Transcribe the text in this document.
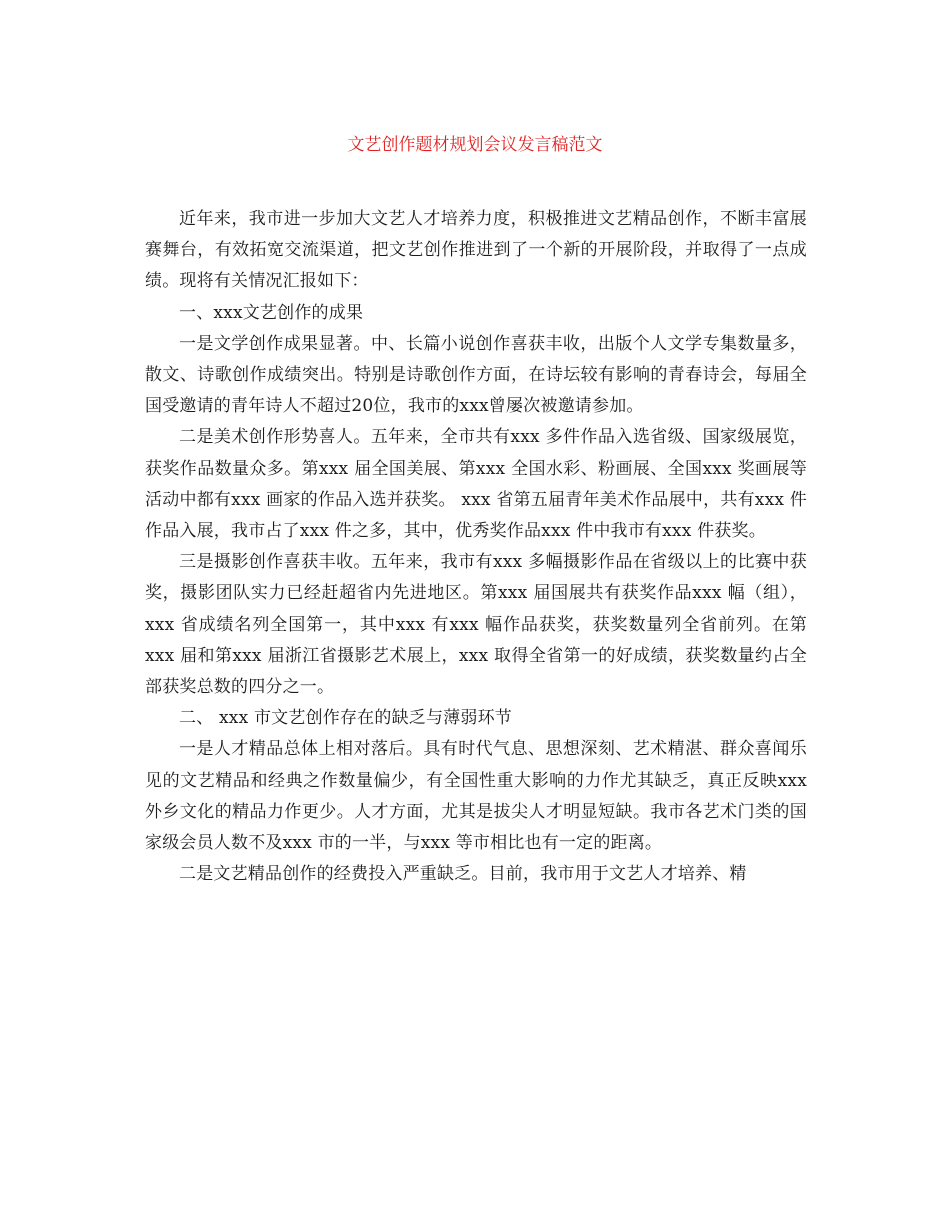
文艺创作题材规划会议发言稿范文

近年来，我市进一步加大文艺人才培养力度，积极推进文艺精品创作，不断丰富展赛舞台，有效拓宽交流渠道，把文艺创作推进到了一个新的开展阶段，并取得了一点成绩。现将有关情况汇报如下：

一、xxx文艺创作的成果

一是文学创作成果显著。中、长篇小说创作喜获丰收，出版个人文学专集数量多，散文、诗歌创作成绩突出。特别是诗歌创作方面，在诗坛较有影响的青春诗会，每届全国受邀请的青年诗人不超过20位，我市的xxx曾屡次被邀请参加。

二是美术创作形势喜人。五年来，全市共有xxx 多件作品入选省级、国家级展览，获奖作品数量众多。第xxx 届全国美展、第xxx 全国水彩、粉画展、全国xxx 奖画展等活动中都有xxx 画家的作品入选并获奖。 xxx 省第五届青年美术作品展中，共有xxx 件作品入展，我市占了xxx 件之多，其中，优秀奖作品xxx 件中我市有xxx 件获奖。

三是摄影创作喜获丰收。五年来，我市有xxx 多幅摄影作品在省级以上的比赛中获奖，摄影团队实力已经赶超省内先进地区。第xxx 届国展共有获奖作品xxx 幅（组），xxx 省成绩名列全国第一，其中xxx 有xxx 幅作品获奖，获奖数量列全省前列。在第xxx 届和第xxx 届浙江省摄影艺术展上，xxx 取得全省第一的好成绩，获奖数量约占全部获奖总数的四分之一。

二、 xxx 市文艺创作存在的缺乏与薄弱环节

一是人才精品总体上相对落后。具有时代气息、思想深刻、艺术精湛、群众喜闻乐见的文艺精品和经典之作数量偏少，有全国性重大影响的力作尤其缺乏，真正反映xxx 外乡文化的精品力作更少。人才方面，尤其是拔尖人才明显短缺。我市各艺术门类的国家级会员人数不及xxx 市的一半，与xxx 等市相比也有一定的距离。

二是文艺精品创作的经费投入严重缺乏。目前，我市用于文艺人才培养、精
